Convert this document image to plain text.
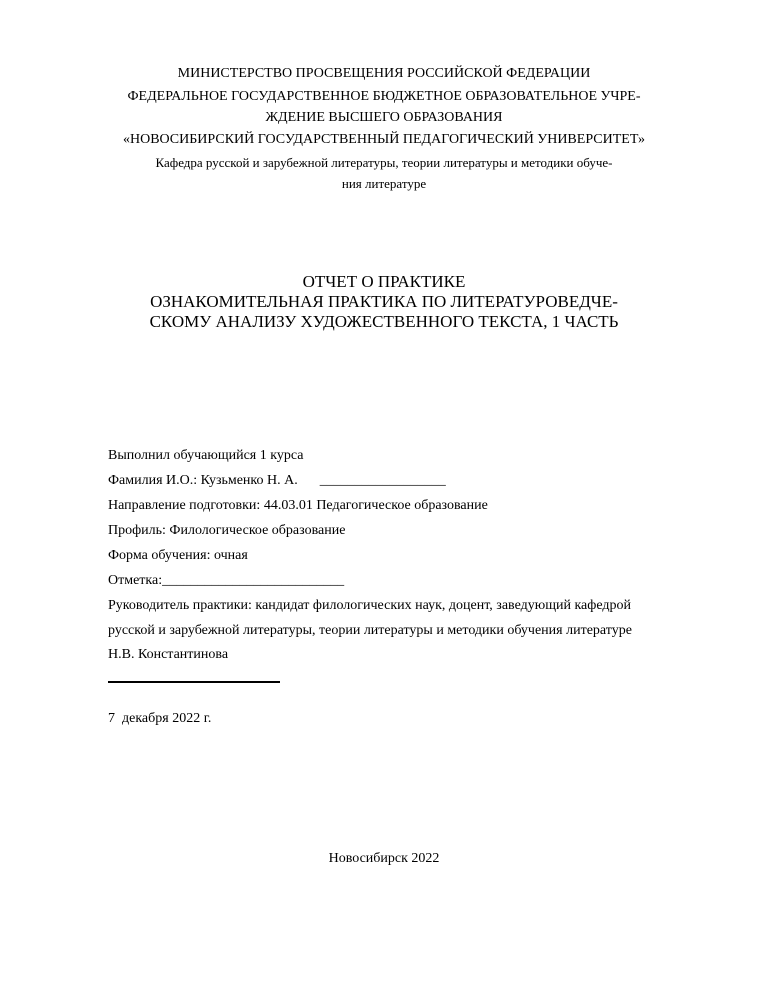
МИНИСТЕРСТВО ПРОСВЕЩЕНИЯ РОССИЙСКОЙ ФЕДЕРАЦИИ
ФЕДЕРАЛЬНОЕ ГОСУДАРСТВЕННОЕ БЮДЖЕТНОЕ ОБРАЗОВАТЕЛЬНОЕ УЧРЕ-
ЖДЕНИЕ ВЫСШЕГО ОБРАЗОВАНИЯ
«НОВОСИБИРСКИЙ ГОСУДАРСТВЕННЫЙ ПЕДАГОГИЧЕСКИЙ УНИВЕРСИТЕТ»
Кафедра русской и зарубежной литературы, теории литературы и методики обуче-
ния литературе
ОТЧЕТ О ПРАКТИКЕ
ОЗНАКОМИТЕЛЬНАЯ ПРАКТИКА ПО ЛИТЕРАТУРОВЕДЧЕ-
СКОМУ АНАЛИЗУ ХУДОЖЕСТВЕННОГО ТЕКСТА, 1 ЧАСТЬ
Выполнил обучающийся 1 курса
Фамилия И.О.: Кузьменко Н. А. __________________
Направление подготовки: 44.03.01 Педагогическое образование
Профиль: Филологическое образование
Форма обучения: очная
Отметка:__________________________
Руководитель практики: кандидат филологических наук, доцент, заведующий кафедрой
русской и зарубежной литературы, теории литературы и методики обучения литературе
Н.В. Константинова
7  декабря 2022 г.
Новосибирск 2022
